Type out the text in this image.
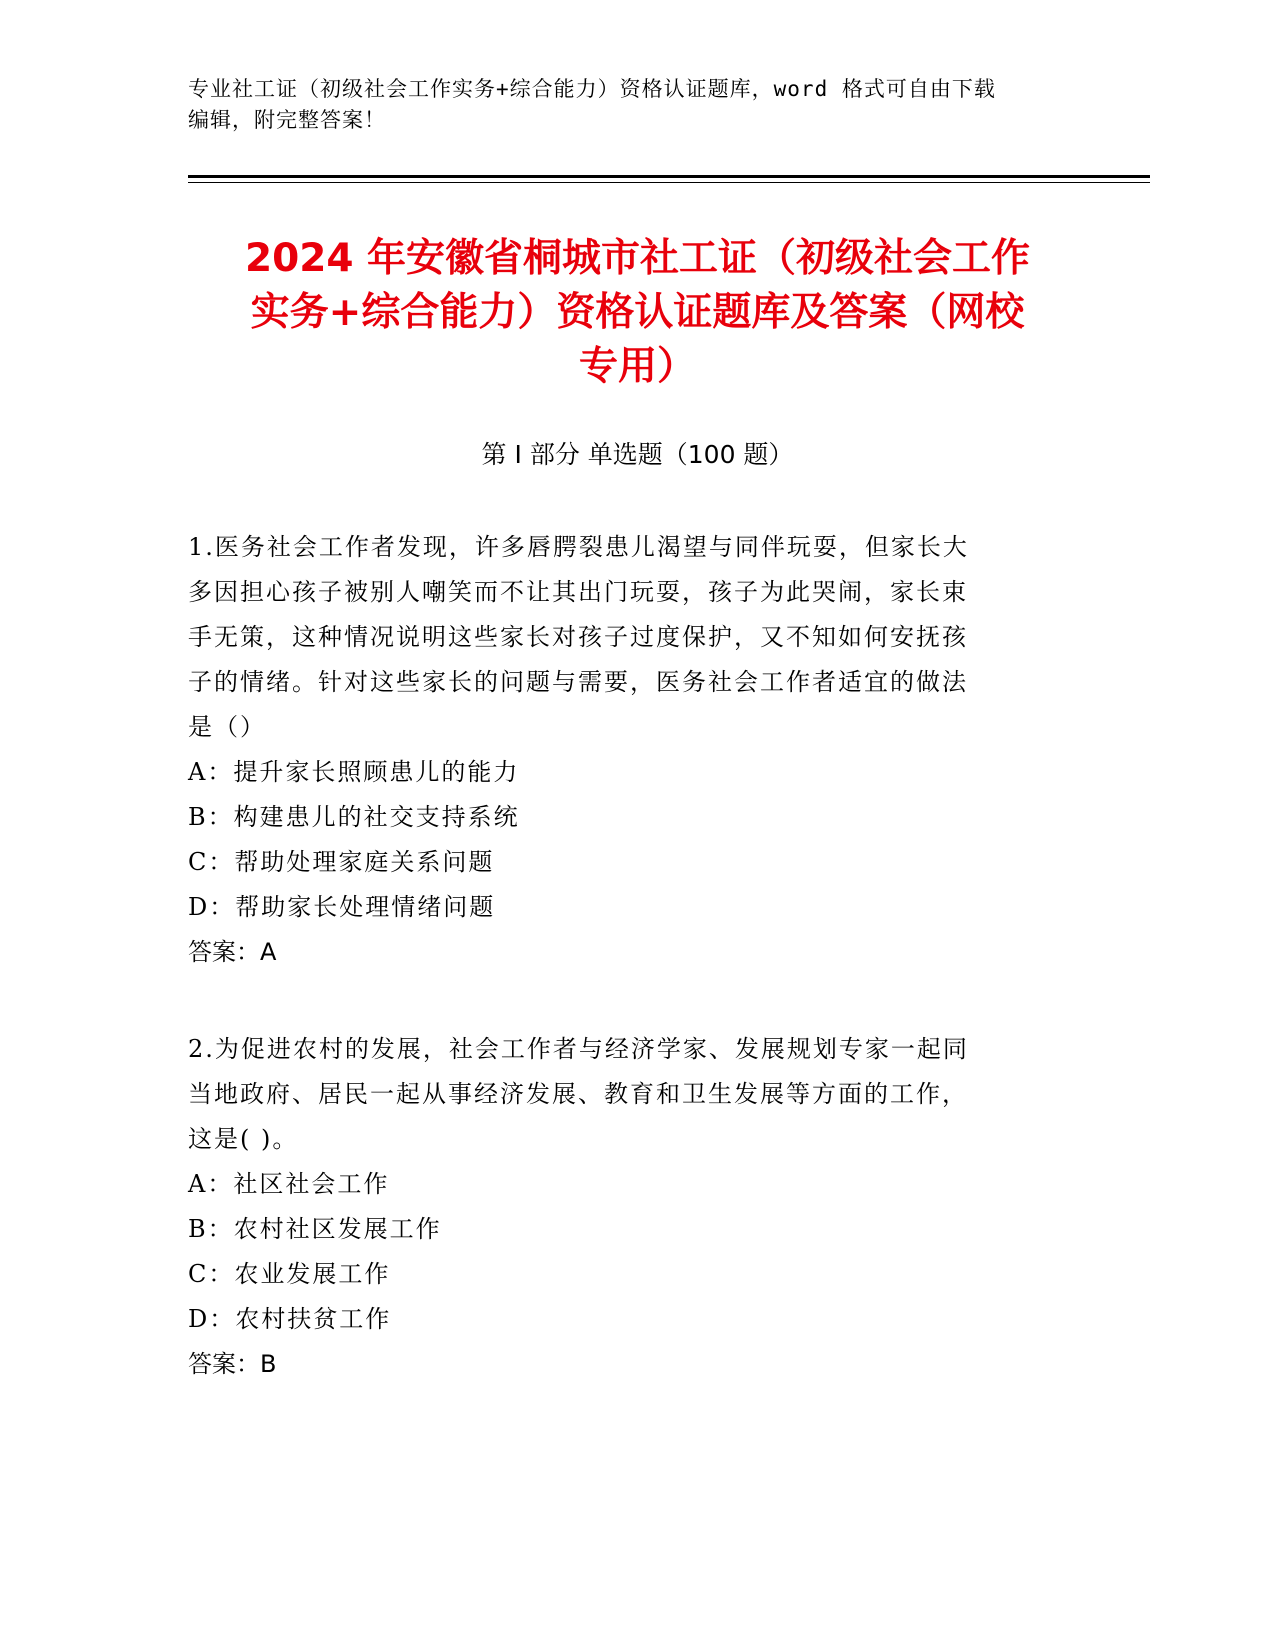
专业社工证（初级社会工作实务+综合能力）资格认证题库，word 格式可自由下载
编辑，附完整答案！
2024 年安徽省桐城市社工证（初级社会工作
实务+综合能力）资格认证题库及答案（网校
专用）
第 I 部分 单选题（100 题）
1.医务社会工作者发现，许多唇腭裂患儿渴望与同伴玩耍，但家长大
多因担心孩子被别人嘲笑而不让其出门玩耍，孩子为此哭闹，家长束
手无策，这种情况说明这些家长对孩子过度保护，又不知如何安抚孩
子的情绪。针对这些家长的问题与需要，医务社会工作者适宜的做法
是（）
A：提升家长照顾患儿的能力
B：构建患儿的社交支持系统
C：帮助处理家庭关系问题
D：帮助家长处理情绪问题
答案：A
2.为促进农村的发展，社会工作者与经济学家、发展规划专家一起同
当地政府、居民一起从事经济发展、教育和卫生发展等方面的工作，
这是( )。
A：社区社会工作
B：农村社区发展工作
C：农业发展工作
D：农村扶贫工作
答案：B
